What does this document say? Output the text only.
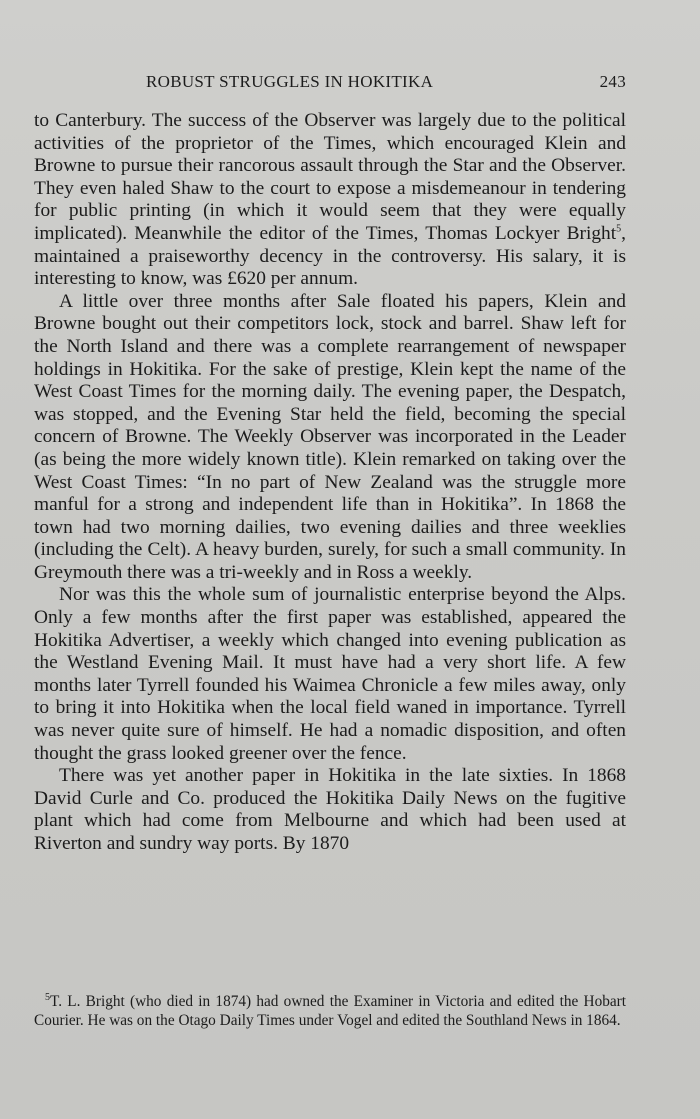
ROBUST STRUGGLES IN HOKITIKA	243

to Canterbury. The success of the Observer was largely due to the political activities of the proprietor of the Times, which encouraged Klein and Browne to pursue their rancorous assault through the Star and the Observer. They even haled Shaw to the court to expose a misdemeanour in tendering for public printing (in which it would seem that they were equally implicated). Meanwhile the editor of the Times, Thomas Lockyer Bright$^5$, maintained a praiseworthy decency in the controversy. His salary, it is interesting to know, was £620 per annum.

A little over three months after Sale floated his papers, Klein and Browne bought out their competitors lock, stock and barrel. Shaw left for the North Island and there was a complete rearrangement of newspaper holdings in Hokitika. For the sake of prestige, Klein kept the name of the West Coast Times for the morning daily. The evening paper, the Despatch, was stopped, and the Evening Star held the field, becoming the special concern of Browne. The Weekly Observer was incorporated in the Leader (as being the more widely known title). Klein remarked on taking over the West Coast Times: “In no part of New Zealand was the struggle more manful for a strong and independent life than in Hokitika”. In 1868 the town had two morning dailies, two evening dailies and three weeklies (including the Celt). A heavy burden, surely, for such a small community. In Greymouth there was a tri-weekly and in Ross a weekly.

Nor was this the whole sum of journalistic enterprise beyond the Alps. Only a few months after the first paper was established, appeared the Hokitika Advertiser, a weekly which changed into evening publication as the Westland Evening Mail. It must have had a very short life. A few months later Tyrrell founded his Waimea Chronicle a few miles away, only to bring it into Hokitika when the local field waned in importance. Tyrrell was never quite sure of himself. He had a nomadic disposition, and often thought the grass looked greener over the fence.

There was yet another paper in Hokitika in the late sixties. In 1868 David Curle and Co. produced the Hokitika Daily News on the fugitive plant which had come from Melbourne and which had been used at Riverton and sundry way ports. By 1870

$^5$T. L. Bright (who died in 1874) had owned the Examiner in Victoria and edited the Hobart Courier. He was on the Otago Daily Times under Vogel and edited the Southland News in 1864.
